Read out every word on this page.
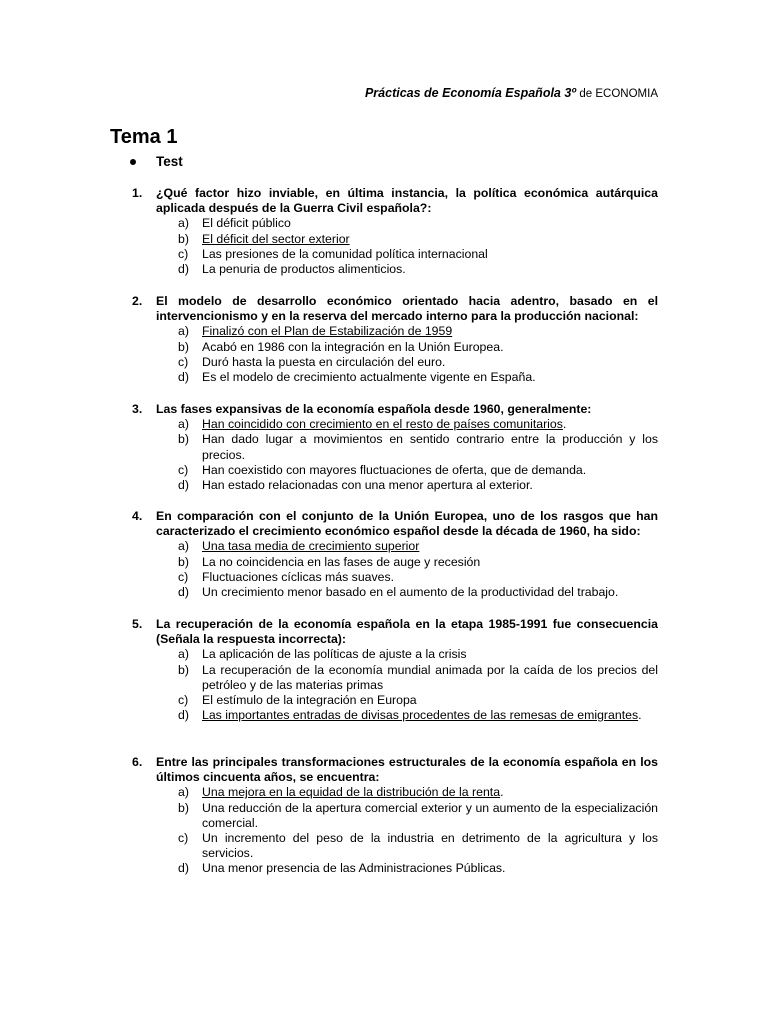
Prácticas de Economía Española 3º de ECONOMIA
Tema 1
Test
1.	¿Qué factor hizo inviable, en última instancia, la política económica autárquica aplicada después de la Guerra Civil española?:
a)	El déficit público
b)	El déficit del sector exterior
c)	Las presiones de la comunidad política internacional
d)	La penuria de productos alimenticios.
2.	El modelo de desarrollo económico orientado hacia adentro, basado en el intervencionismo y en la reserva del mercado interno para la producción nacional:
a)	Finalizó con el Plan de Estabilización de 1959
b)	Acabó en 1986 con la integración en la Unión Europea.
c)	Duró hasta la puesta en circulación del euro.
d)	Es el modelo de crecimiento actualmente vigente en España.
3.	Las fases expansivas de la economía española desde 1960, generalmente:
a)	Han coincidido con crecimiento en el resto de países comunitarios.
b)	Han dado lugar a movimientos en sentido contrario entre la producción y los precios.
c)	Han coexistido con mayores fluctuaciones de oferta, que de demanda.
d)	Han estado relacionadas con una menor apertura al exterior.
4.	En comparación con el conjunto de la Unión Europea, uno de los rasgos que han caracterizado el crecimiento económico español desde la década de 1960, ha sido:
a)	Una tasa media de crecimiento superior
b)	La no coincidencia en las fases de auge y recesión
c)	Fluctuaciones cíclicas más suaves.
d)	Un crecimiento menor basado en el aumento de la productividad del trabajo.
5.	La recuperación de la economía española en la etapa 1985-1991 fue consecuencia (Señala la respuesta incorrecta):
a)	La aplicación de las políticas de ajuste a la crisis
b)	La recuperación de la economía mundial animada por la caída de los precios del petróleo y de las materias primas
c)	El estímulo de la integración en Europa
d)	Las importantes entradas de divisas procedentes de las remesas de emigrantes.
6.	Entre las principales transformaciones estructurales de la economía española en los últimos cincuenta años, se encuentra:
a)	Una mejora en la equidad de la distribución de la renta.
b)	Una reducción de la apertura comercial exterior y un aumento de la especialización comercial.
c)	Un incremento del peso de la industria en detrimento de la agricultura y los servicios.
d)	Una menor presencia de las Administraciones Públicas.
